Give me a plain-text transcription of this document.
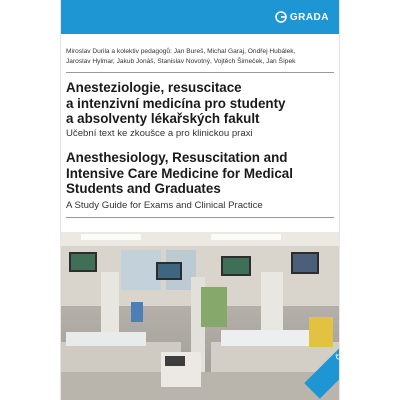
GRADA
Miroslav Durila a kolektiv pedagogů: Jan Bureš, Michal Garaj, Ondřej Hubálek,
Jaroslav Hylmar, Jakub Jonáš, Stanislav Novotný, Vojtěch Šimeček, Jan Šípek
Anesteziologie, resuscitace
a intenzivní medicína pro studenty
a absolventy lékařských fakult
Učební text ke zkoušce a pro klinickou praxi
Anesthesiology, Resuscitation and
Intensive Care Medicine for Medical
Students and Graduates
A Study Guide for Exams and Clinical Practice
